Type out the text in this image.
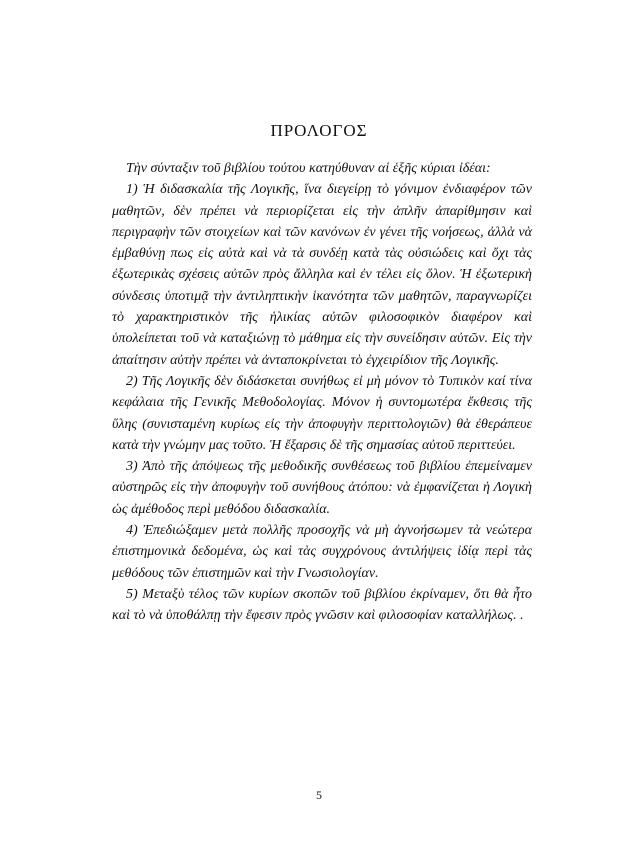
ΠΡΟΛΟΓΟΣ

Τὴν σύνταξιν τοῦ βιβλίου τούτου κατηύθυναν αἱ ἑξῆς κύριαι ἰδέαι:

1) Ἡ διδασκαλία τῆς Λογικῆς, ἵνα διεγείρῃ τὸ γόνιμον ἐνδιαφέρον τῶν μαθητῶν, δὲν πρέπει νὰ περιορίζεται εἰς τὴν ἁπλῆν ἀπαρίθμησιν καὶ περιγραφὴν τῶν στοιχείων καὶ τῶν κανόνων ἐν γένει τῆς νοήσεως, ἀλλὰ νὰ ἐμβαθύνῃ πως εἰς αὐτὰ καὶ νὰ τὰ συνδέῃ κατὰ τὰς οὐσιώδεις καὶ ὄχι τὰς ἐξωτερικὰς σχέσεις αὐτῶν πρὸς ἄλληλα καὶ ἐν τέλει εἰς ὅλον. Ἡ ἐξωτερικὴ σύνδεσις ὑποτιμᾷ τὴν ἀντιληπτικὴν ἱκανότητα τῶν μαθητῶν, παραγνωρίζει τὸ χαρακτηριστικὸν τῆς ἡλικίας αὐτῶν φιλοσοφικὸν διαφέρον καὶ ὑπολείπεται τοῦ νὰ καταξιώνῃ τὸ μάθημα εἰς τὴν συνείδησιν αὐτῶν. Εἰς τὴν ἀπαίτησιν αὐτὴν πρέπει νὰ ἀνταποκρίνεται τὸ ἐγχειρίδιον τῆς Λογικῆς.

2) Τῆς Λογικῆς δὲν διδάσκεται συνήθως εἰ μὴ μόνον τὸ Τυπικὸν καί τίνα κεφάλαια τῆς Γενικῆς Μεθοδολογίας. Μόνον ἡ συντομωτέρα ἔκθεσις τῆς ὕλης (συνισταμένη κυρίως εἰς τὴν ἀποφυγὴν περιττολογιῶν) θὰ ἐθεράπευε κατὰ τὴν γνώμην μας τοῦτο. Ἡ ἔξαρσις δὲ τῆς σημασίας αὐτοῦ περιττεύει.

3) Ἀπὸ τῆς ἀπόψεως τῆς μεθοδικῆς συνθέσεως τοῦ βιβλίου ἐπεμείναμεν αὐστηρῶς εἰς τὴν ἀποφυγὴν τοῦ συνήθους ἀτόπου: νὰ ἐμφανίζεται ἡ Λογικὴ ὡς ἀμέθοδος περὶ μεθόδου διδασκαλία.

4) Ἐπεδιώξαμεν μετὰ πολλῆς προσοχῆς νὰ μὴ ἀγνοήσωμεν τὰ νεώτερα ἐπιστημονικὰ δεδομένα, ὡς καὶ τὰς συγχρόνους ἀντιλήψεις ἰδίᾳ περὶ τὰς μεθόδους τῶν ἐπιστημῶν καὶ τὴν Γνωσιολογίαν.

5) Μεταξὺ τέλος τῶν κυρίων σκοπῶν τοῦ βιβλίου ἐκρίναμεν, ὅτι θὰ ἦτο καὶ τὸ νὰ ὑποθάλπῃ τὴν ἔφεσιν πρὸς γνῶσιν καὶ φιλοσοφίαν καταλλήλως. .

5
